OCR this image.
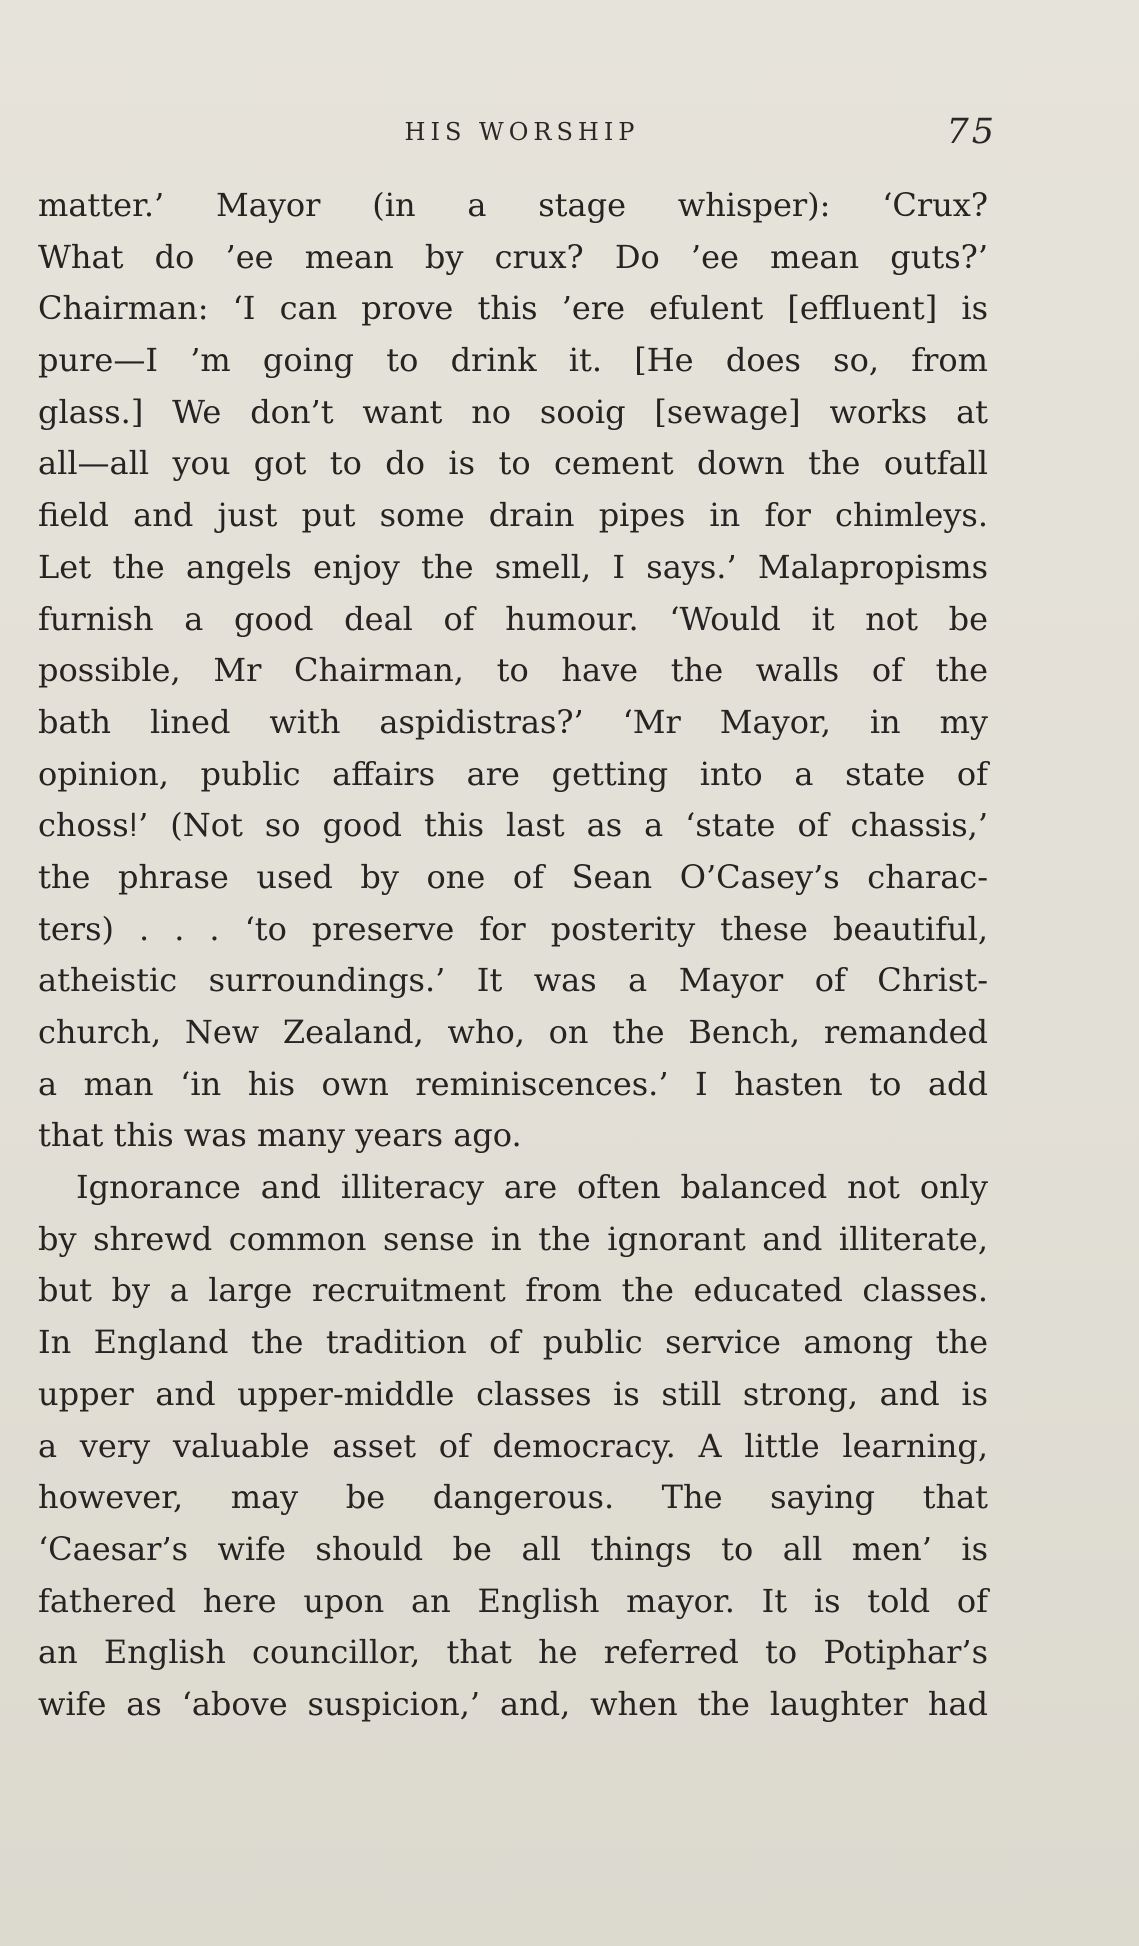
HIS WORSHIP	75
matter.’ Mayor (in a stage whisper): ‘Crux?
What do ’ee mean by crux? Do ’ee mean guts?’
Chairman: ‘I can prove this ’ere efulent [effluent] is
pure—I ’m going to drink it. [He does so, from
glass.] We don’t want no sooig [sewage] works at
all—all you got to do is to cement down the outfall
field and just put some drain pipes in for chimleys.
Let the angels enjoy the smell, I says.’ Malapropisms
furnish a good deal of humour. ‘Would it not be
possible, Mr Chairman, to have the walls of the
bath lined with aspidistras?’ ‘Mr Mayor, in my
opinion, public affairs are getting into a state of
chossǃ’ (Not so good this last as a ‘state of chassis,’
the phrase used by one of Sean O’Casey’s charac-
ters) . . . ‘to preserve for posterity these beautiful,
atheistic surroundings.’ It was a Mayor of Christ-
church, New Zealand, who, on the Bench, remanded
a man ‘in his own reminiscences.’ I hasten to add
that this was many years ago.
Ignorance and illiteracy are often balanced not only
by shrewd common sense in the ignorant and illiterate,
but by a large recruitment from the educated classes.
In England the tradition of public service among the
upper and upper-middle classes is still strong, and is
a very valuable asset of democracy. A little learning,
however, may be dangerous. The saying that
‘Caesar’s wife should be all things to all men’ is
fathered here upon an English mayor. It is told of
an English councillor, that he referred to Potiphar’s
wife as ‘above suspicion,’ and, when the laughter had
